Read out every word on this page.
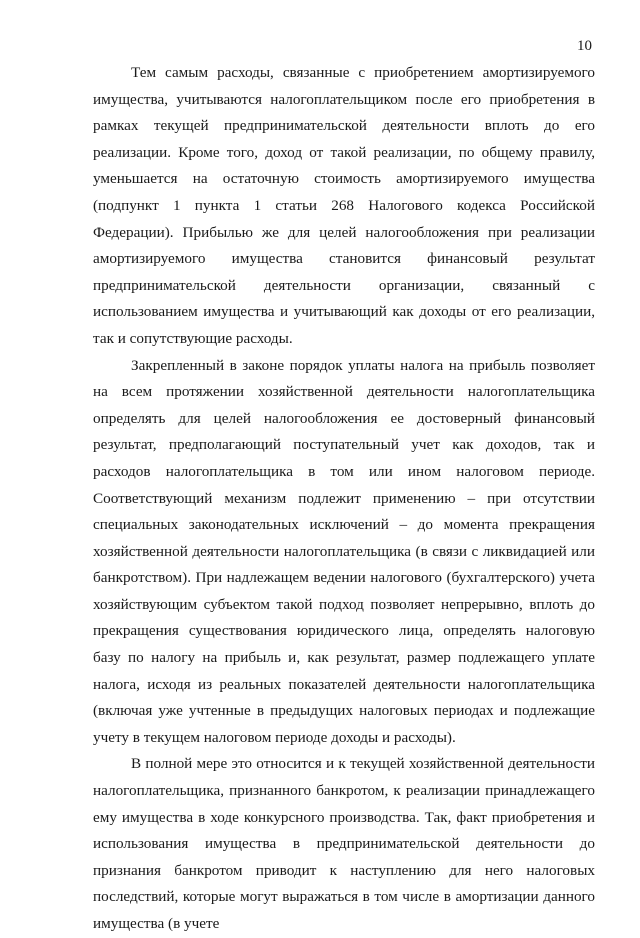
10

Тем самым расходы, связанные с приобретением амортизируемого имущества, учитываются налогоплательщиком после его приобретения в рамках текущей предпринимательской деятельности вплоть до его реализации. Кроме того, доход от такой реализации, по общему правилу, уменьшается на остаточную стоимость амортизируемого имущества (подпункт 1 пункта 1 статьи 268 Налогового кодекса Российской Федерации). Прибылью же для целей налогообложения при реализации амортизируемого имущества становится финансовый результат предпринимательской деятельности организации, связанный с использованием имущества и учитывающий как доходы от его реализации, так и сопутствующие расходы.

Закрепленный в законе порядок уплаты налога на прибыль позволяет на всем протяжении хозяйственной деятельности налогоплательщика определять для целей налогообложения ее достоверный финансовый результат, предполагающий поступательный учет как доходов, так и расходов налогоплательщика в том или ином налоговом периоде. Соответствующий механизм подлежит применению – при отсутствии специальных законодательных исключений – до момента прекращения хозяйственной деятельности налогоплательщика (в связи с ликвидацией или банкротством). При надлежащем ведении налогового (бухгалтерского) учета хозяйствующим субъектом такой подход позволяет непрерывно, вплоть до прекращения существования юридического лица, определять налоговую базу по налогу на прибыль и, как результат, размер подлежащего уплате налога, исходя из реальных показателей деятельности налогоплательщика (включая уже учтенные в предыдущих налоговых периодах и подлежащие учету в текущем налоговом периоде доходы и расходы).

В полной мере это относится и к текущей хозяйственной деятельности налогоплательщика, признанного банкротом, к реализации принадлежащего ему имущества в ходе конкурсного производства. Так, факт приобретения и использования имущества в предпринимательской деятельности до признания банкротом приводит к наступлению для него налоговых последствий, которые могут выражаться в том числе в амортизации данного имущества (в учете
